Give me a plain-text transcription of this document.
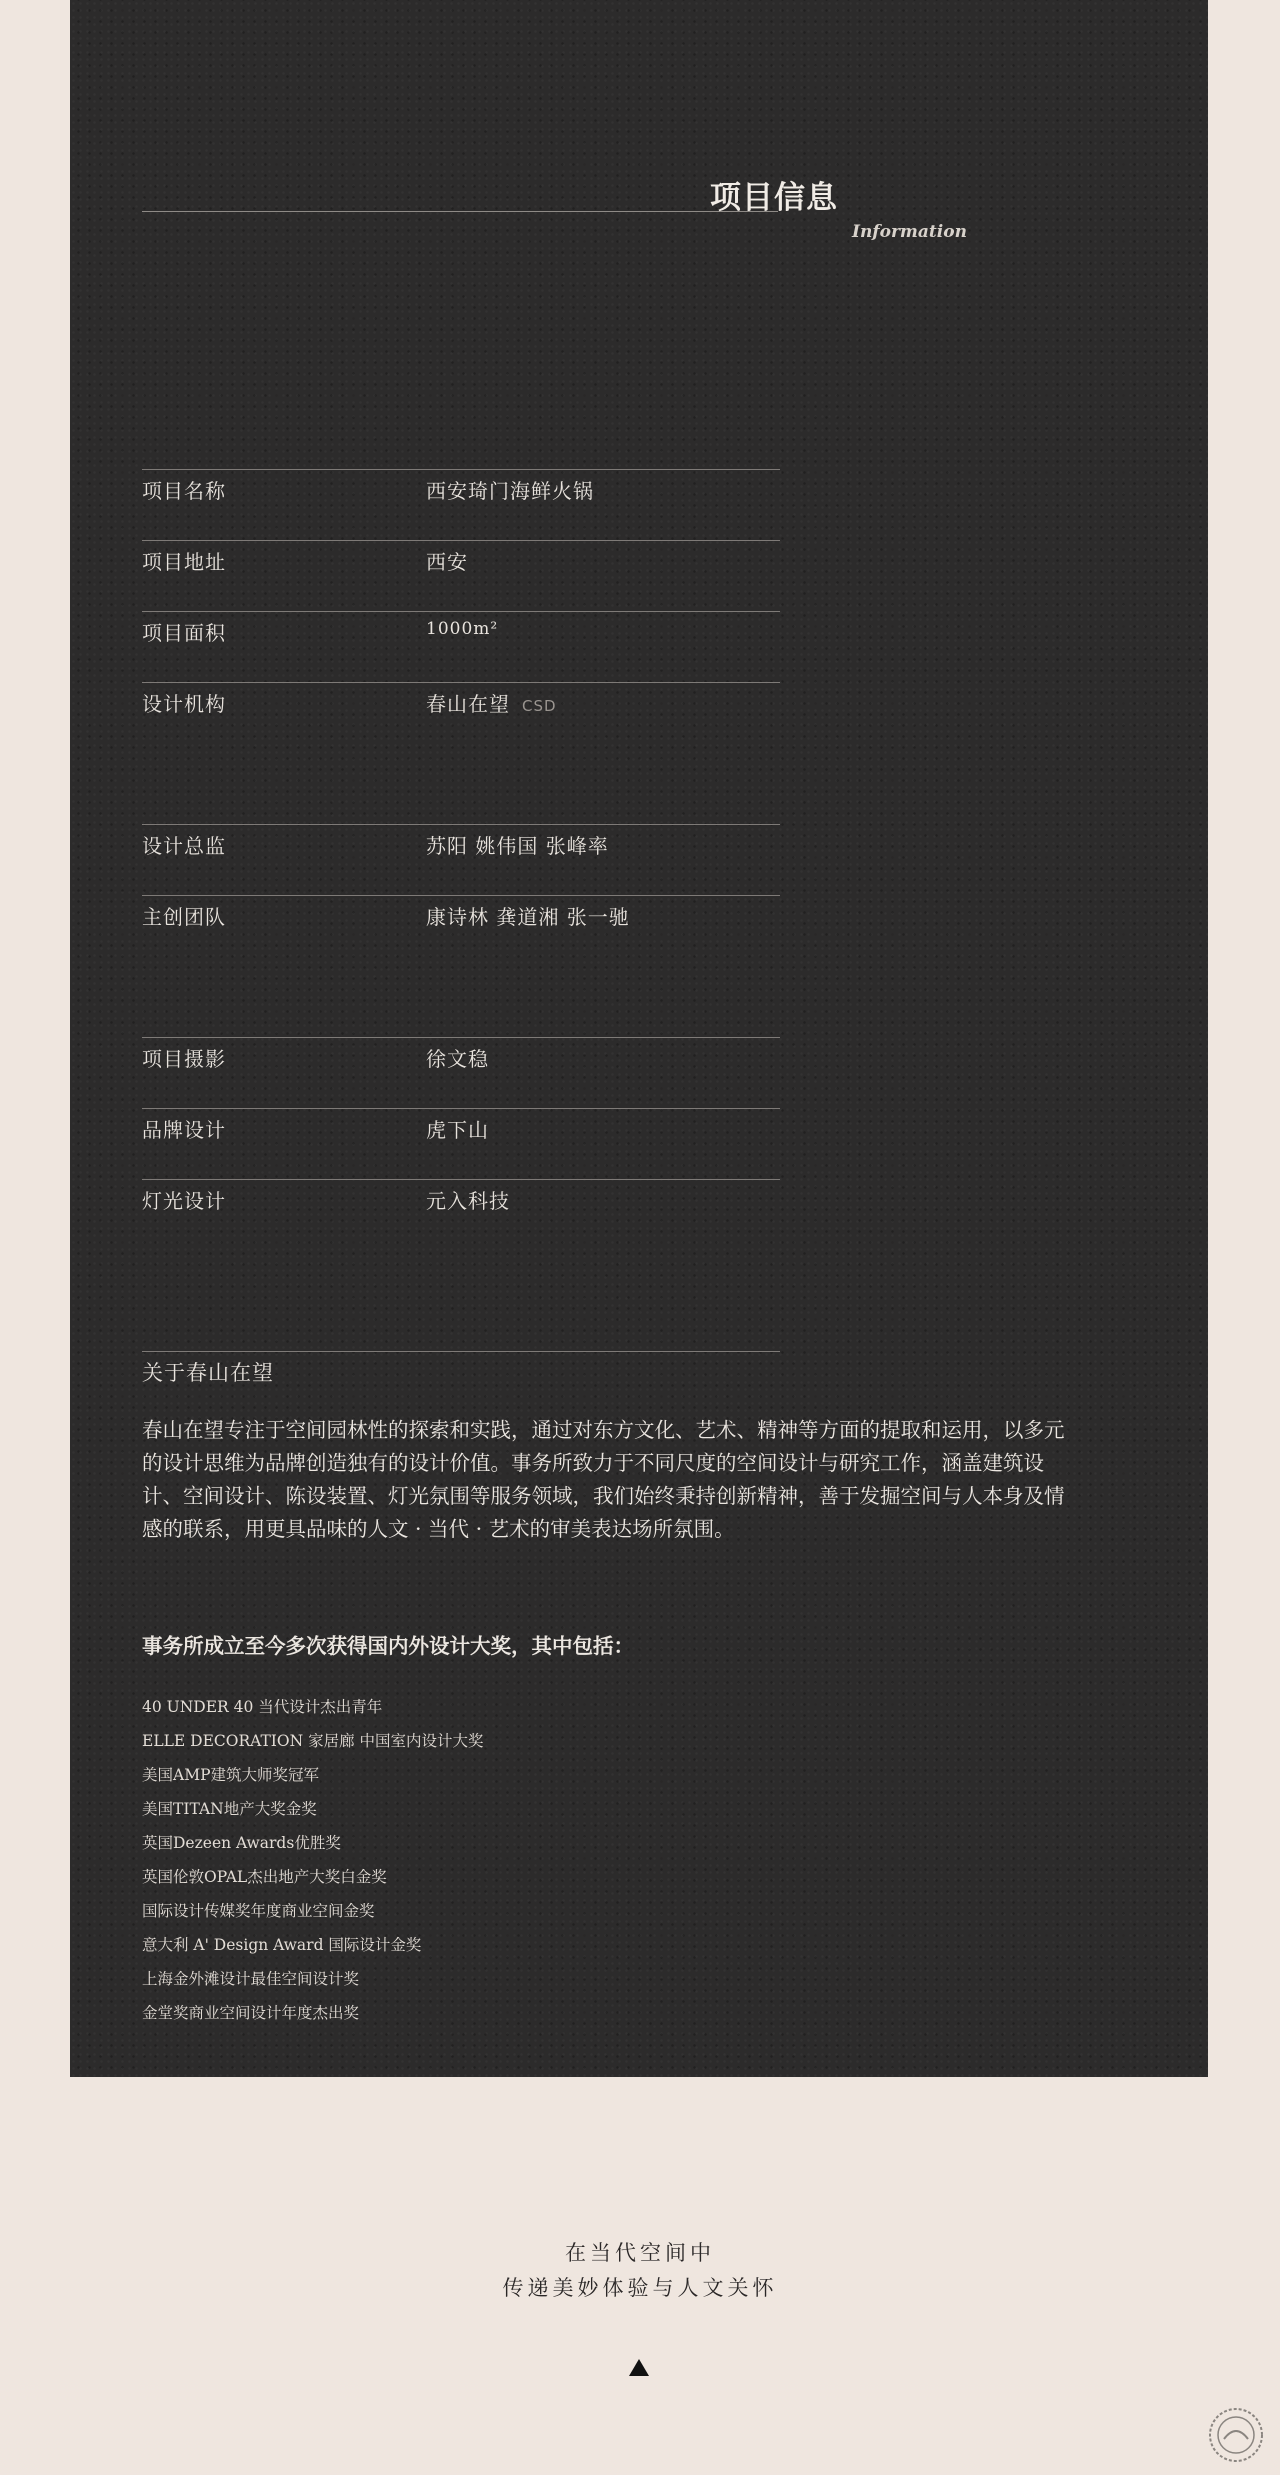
项目信息
Information
项目名称	西安琦门海鲜火锅
项目地址	西安
项目面积	1000m²
设计机构	春山在望 CSD
设计总监	苏阳 姚伟国 张峰率
主创团队	康诗林 龚道湘 张一驰
项目摄影	徐文稳
品牌设计	虎下山
灯光设计	元入科技
关于春山在望

春山在望专注于空间园林性的探索和实践，通过对东方文化、艺术、精神等方面的提取和运用，以多元的设计思维为品牌创造独有的设计价值。事务所致力于不同尺度的空间设计与研究工作，涵盖建筑设计、空间设计、陈设装置、灯光氛围等服务领域，我们始终秉持创新精神，善于发掘空间与人本身及情感的联系，用更具品味的人文 · 当代 · 艺术的审美表达场所氛围。

事务所成立至今多次获得国内外设计大奖，其中包括：
40 UNDER 40 当代设计杰出青年
ELLE DECORATION 家居廊 中国室内设计大奖
美国AMP建筑大师奖冠军
美国TITAN地产大奖金奖
英国Dezeen Awards优胜奖
英国伦敦OPAL杰出地产大奖白金奖
国际设计传媒奖年度商业空间金奖
意大利 A' Design Award 国际设计金奖
上海金外滩设计最佳空间设计奖
金堂奖商业空间设计年度杰出奖
在当代空间中
传递美妙体验与人文关怀
